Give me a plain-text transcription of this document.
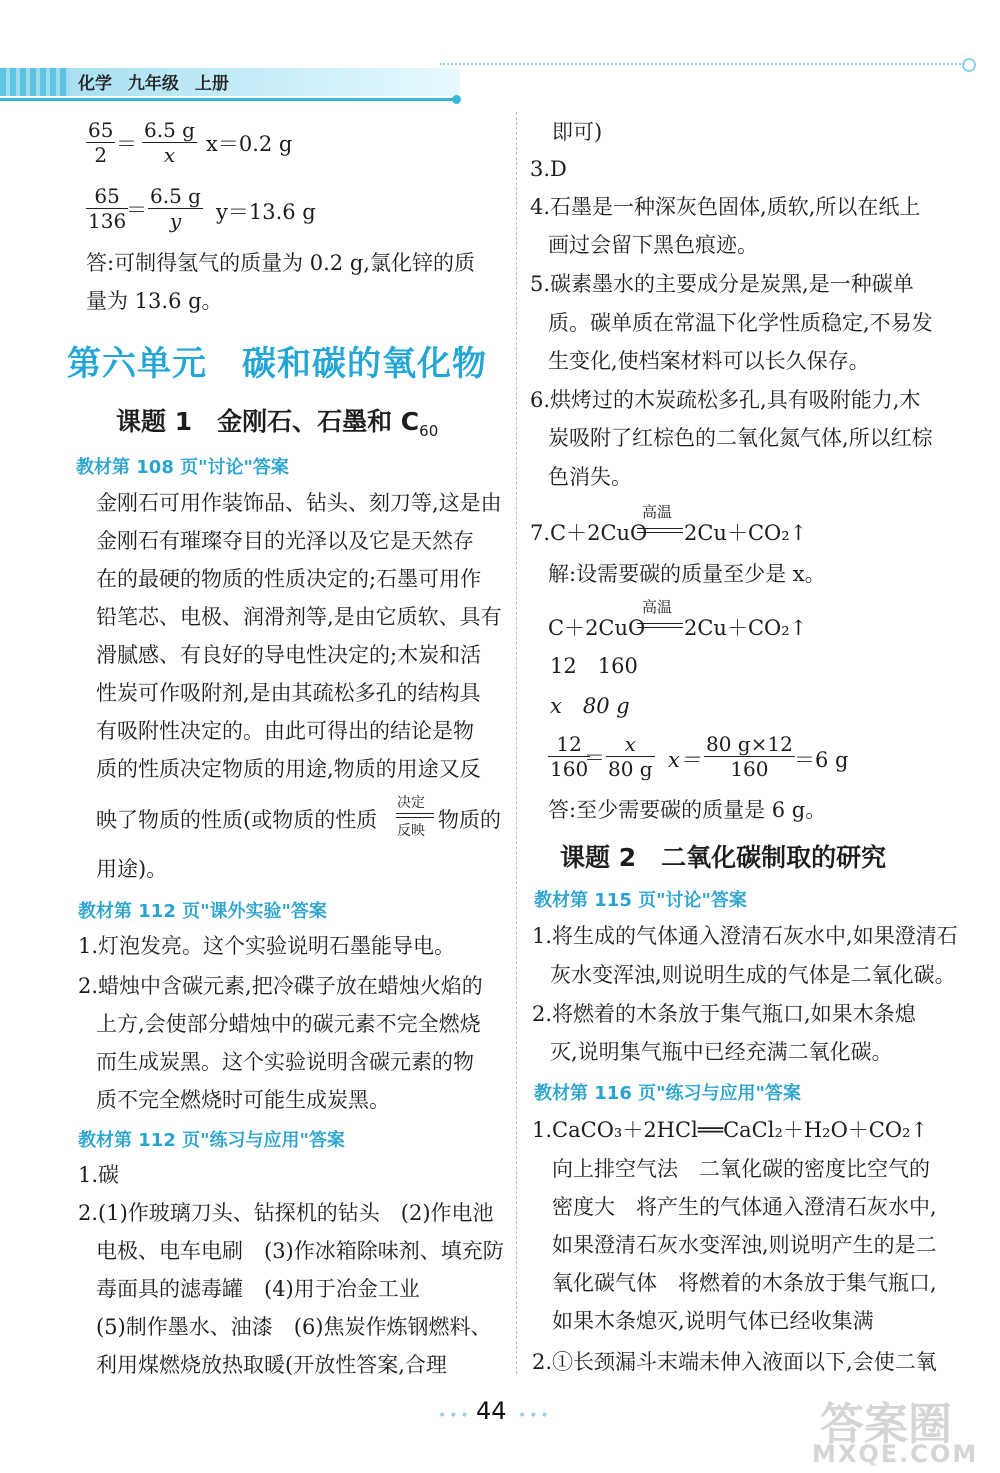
化学 九年级 上册
65
2 ＝
6.5 g
x x＝0.2 g
65
136 ＝
6.5 g
y y＝13.6 g
答:可制得氢气的质量为 0.2 g,氯化锌的质
量为 13.6 g。
第六单元　碳和碳的氧化物
课题 1　金刚石、石墨和 $C_{60}$
教材第 108 页"讨论"答案
金刚石可用作装饰品、钻头、刻刀等,这是由
金刚石有璀璨夺目的光泽以及它是天然存
在的最硬的物质的性质决定的;石墨可用作
铅笔芯、电极、润滑剂等,是由它质软、具有
滑腻感、有良好的导电性决定的;木炭和活
性炭可作吸附剂,是由其疏松多孔的结构具
有吸附性决定的。由此可得出的结论是物
质的性质决定物质的用途,物质的用途又反
映了物质的性质(或物质的性质
决定
反映 物质的
用途)。
教材第 112 页"课外实验"答案
1.灯泡发亮。这个实验说明石墨能导电。
2.蜡烛中含碳元素,把冷碟子放在蜡烛火焰的
上方,会使部分蜡烛中的碳元素不完全燃烧
而生成炭黑。这个实验说明含碳元素的物
质不完全燃烧时可能生成炭黑。
教材第 112 页"练习与应用"答案
1.碳
2.(1)作玻璃刀头、钻探机的钻头　(2)作电池
电极、电车电刷　(3)作冰箱除味剂、填充防
毒面具的滤毒罐　(4)用于冶金工业
(5)制作墨水、油漆　(6)焦炭作炼钢燃料、
利用煤燃烧放热取暖(开放性答案,合理
即可)
3.D
4.石墨是一种深灰色固体,质软,所以在纸上
画过会留下黑色痕迹。
5.碳素墨水的主要成分是炭黑,是一种碳单
质。碳单质在常温下化学性质稳定,不易发
生变化,使档案材料可以长久保存。
6.烘烤过的木炭疏松多孔,具有吸附能力,木
炭吸附了红棕色的二氧化氮气体,所以红棕
色消失。
7.C＋2CuO
高温
2Cu＋CO₂↑
解:设需要碳的质量至少是 x。
C＋2CuO
高温
2Cu＋CO₂↑
12　160
x　80 g
12
160
＝
x
80 g x＝
80 g×12
160 ＝6 g
答:至少需要碳的质量是 6 g。
课题 2　二氧化碳制取的研究
教材第 115 页"讨论"答案
1.将生成的气体通入澄清石灰水中,如果澄清石
灰水变浑浊,则说明生成的气体是二氧化碳。
2.将燃着的木条放于集气瓶口,如果木条熄
灭,说明集气瓶中已经充满二氧化碳。
教材第 116 页"练习与应用"答案
1.CaCO₃＋2HCl══CaCl₂＋H₂O＋CO₂↑
向上排空气法　二氧化碳的密度比空气的
密度大　将产生的气体通入澄清石灰水中,
如果澄清石灰水变浑浊,则说明产生的是二
氧化碳气体　将燃着的木条放于集气瓶口,
如果木条熄灭,说明气体已经收集满
2.①长颈漏斗末端未伸入液面以下,会使二氧
••• 44 •••	答案圈
MXQE.COM
